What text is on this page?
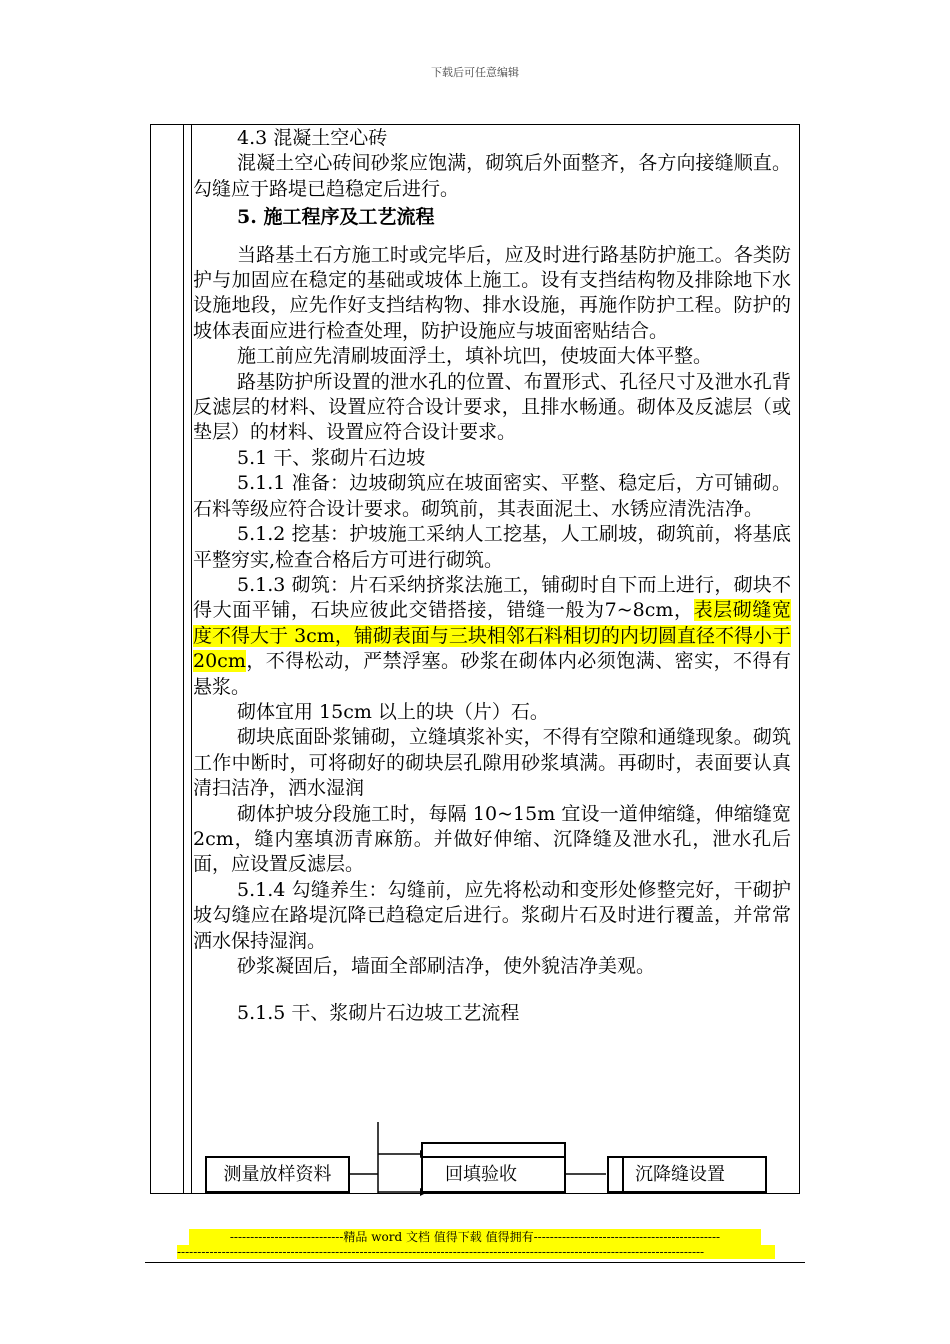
下载后可任意编辑

4.3 混凝土空心砖

混凝土空心砖间砂浆应饱满，砌筑后外面整齐，各方向接缝顺直。勾缝应于路堤已趋稳定后进行。

5. 施工程序及工艺流程

当路基土石方施工时或完毕后，应及时进行路基防护施工。各类防护与加固应在稳定的基础或坡体上施工。设有支挡结构物及排除地下水设施地段，应先作好支挡结构物、排水设施，再施作防护工程。防护的坡体表面应进行检查处理，防护设施应与坡面密贴结合。

施工前应先清刷坡面浮土，填补坑凹，使坡面大体平整。

路基防护所设置的泄水孔的位置、布置形式、孔径尺寸及泄水孔背反滤层的材料、设置应符合设计要求，且排水畅通。砌体及反滤层（或垫层）的材料、设置应符合设计要求。

5.1 干、浆砌片石边坡

5.1.1 准备：边坡砌筑应在坡面密实、平整、稳定后，方可铺砌。石料等级应符合设计要求。砌筑前，其表面泥土、水锈应清洗洁净。

5.1.2 挖基：护坡施工采纳人工挖基，人工刷坡，砌筑前，将基底平整穷实,检查合格后方可进行砌筑。

5.1.3 砌筑：片石采纳挤浆法施工，铺砌时自下而上进行，砌块不得大面平铺，石块应彼此交错搭接，错缝一般为7~8cm，表层砌缝宽度不得大于 3cm，铺砌表面与三块相邻石料相切的内切圆直径不得小于 20cm，不得松动，严禁浮塞。砂浆在砌体内必须饱满、密实，不得有悬浆。

砌体宜用 15cm 以上的块（片）石。

砌块底面卧浆铺砌，立缝填浆补实，不得有空隙和通缝现象。砌筑工作中断时，可将砌好的砌块层孔隙用砂浆填满。再砌时，表面要认真清扫洁净，洒水湿润

砌体护坡分段施工时，每隔 10~15m 宜设一道伸缩缝，伸缩缝宽 2cm，缝内塞填沥青麻筋。并做好伸缩、沉降缝及泄水孔，泄水孔后面，应设置反滤层。

5.1.4 勾缝养生：勾缝前，应先将松动和变形处修整完好，干砌护坡勾缝应在路堤沉降已趋稳定后进行。浆砌片石及时进行覆盖，并常常洒水保持湿润。

砂浆凝固后，墙面全部刷洁净，使外貌洁净美观。

5.1.5 干、浆砌片石边坡工艺流程

测量放样资料	回填验收	沉降缝设置
----------------------------精品 word 文档 值得下载 值得拥有----------------------------------------------
----------------------------------------------------------------------------------------------------------------------------------
